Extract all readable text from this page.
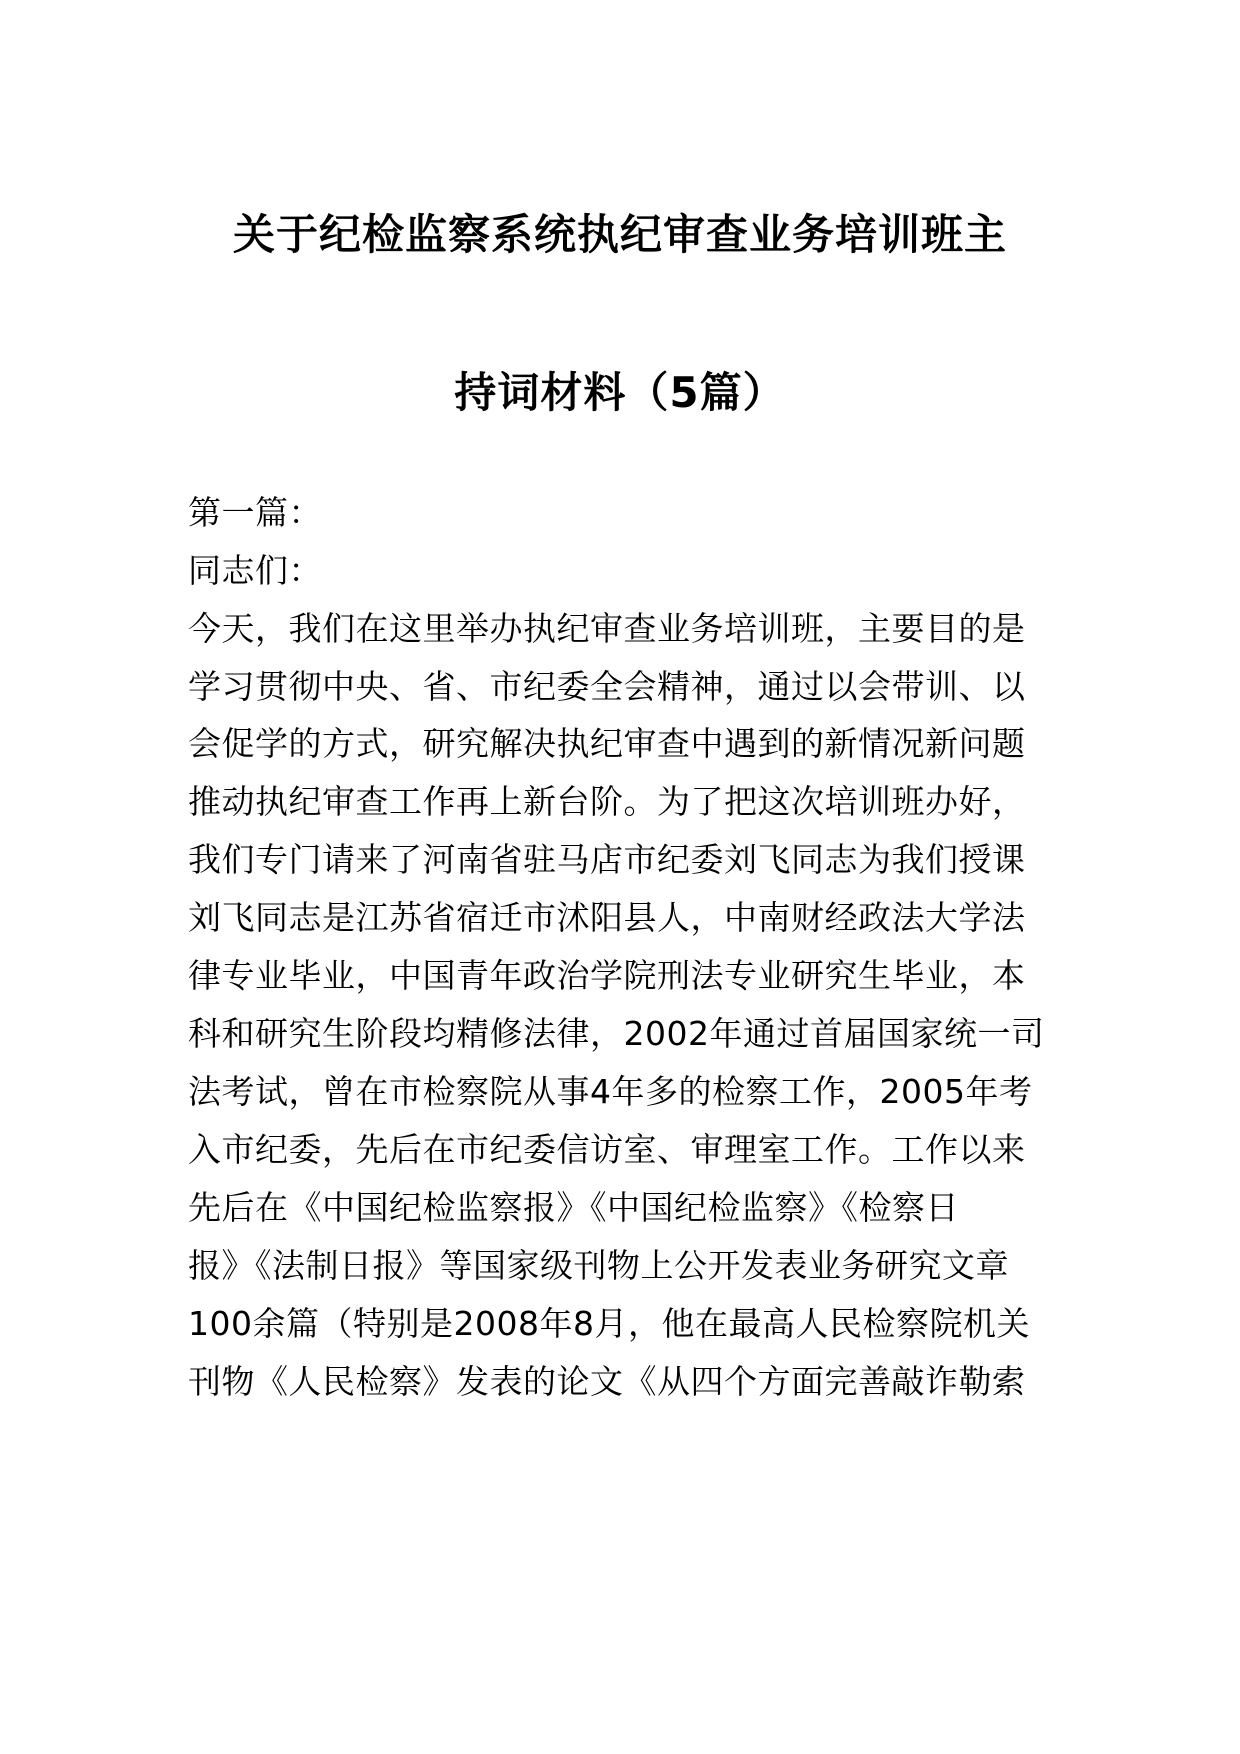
关于纪检监察系统执纪审查业务培训班主
持词材料（5篇）
第一篇：
同志们：
今天，我们在这里举办执纪审查业务培训班，主要目的是
学习贯彻中央、省、市纪委全会精神，通过以会带训、以
会促学的方式，研究解决执纪审查中遇到的新情况新问题
推动执纪审查工作再上新台阶。为了把这次培训班办好，
我们专门请来了河南省驻马店市纪委刘飞同志为我们授课
刘飞同志是江苏省宿迁市沭阳县人，中南财经政法大学法
律专业毕业，中国青年政治学院刑法专业研究生毕业，本
科和研究生阶段均精修法律，2002年通过首届国家统一司
法考试，曾在市检察院从事4年多的检察工作，2005年考
入市纪委，先后在市纪委信访室、审理室工作。工作以来
先后在《中国纪检监察报》《中国纪检监察》《检察日
报》《法制日报》等国家级刊物上公开发表业务研究文章
100余篇（特别是2008年8月，他在最高人民检察院机关
刊物《人民检察》发表的论文《从四个方面完善敲诈勒索
